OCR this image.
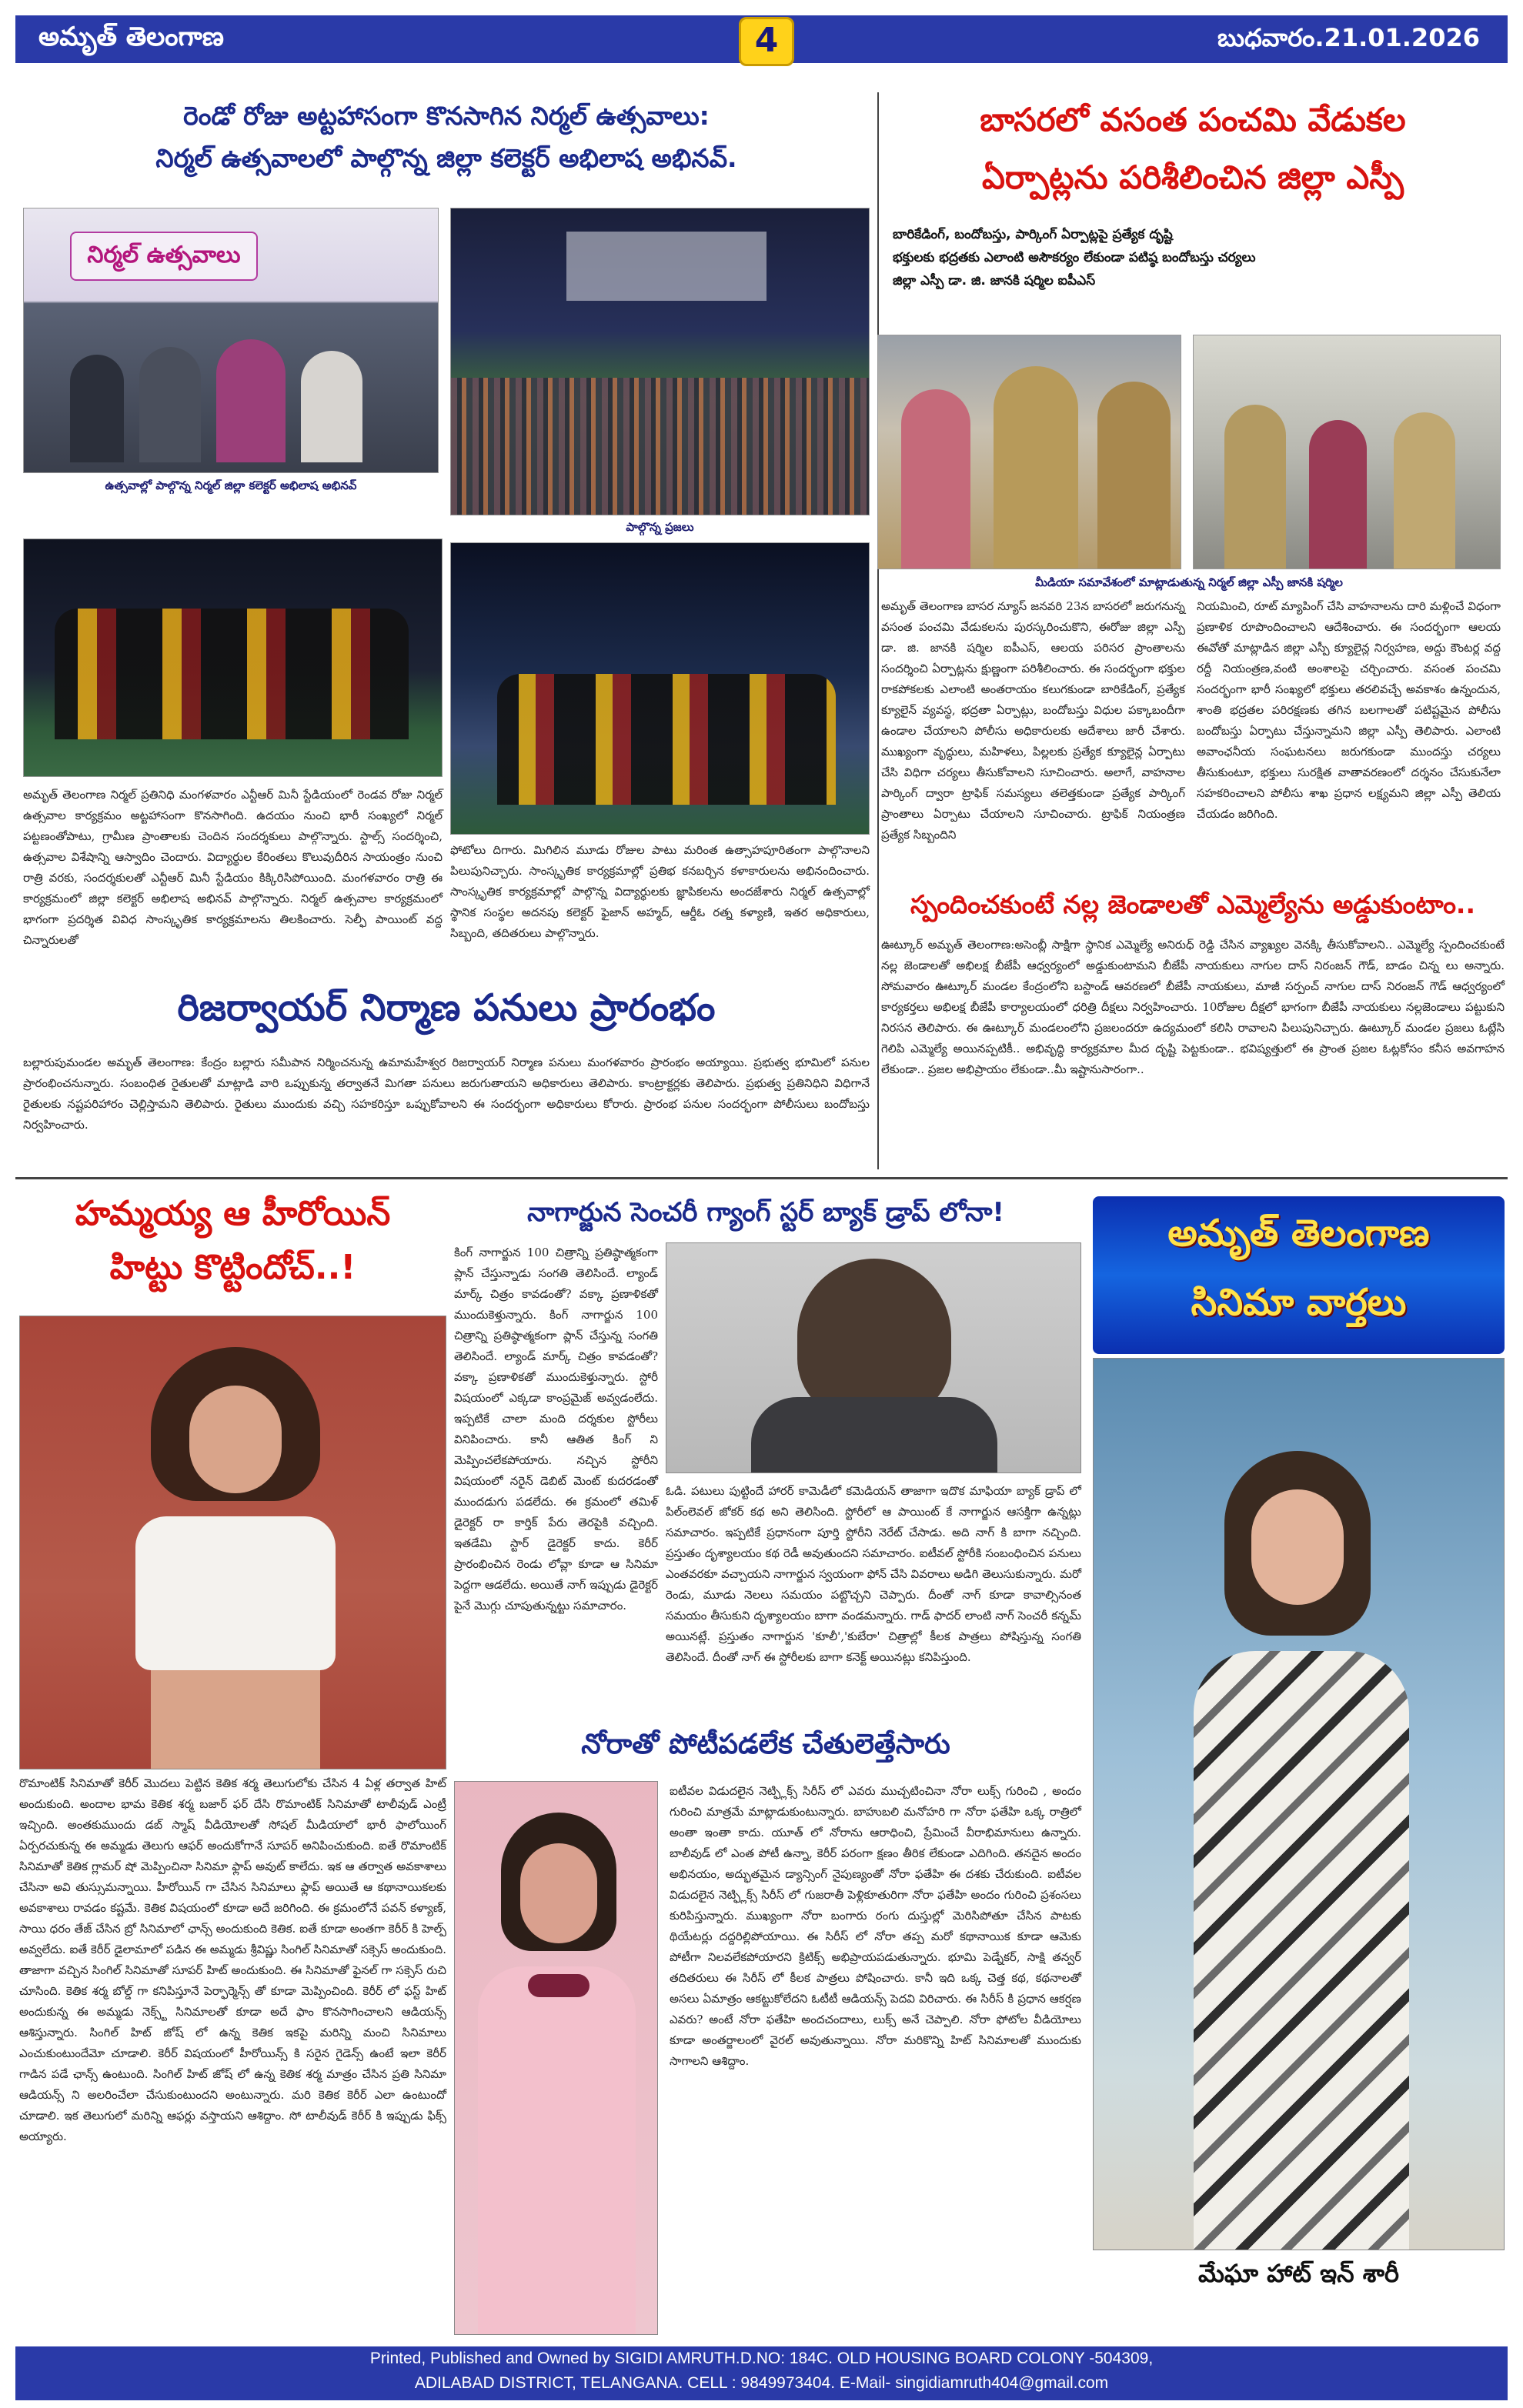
అమృత్ తెలంగాణ	4	బుధవారం.21.01.2026
రెండో రోజు అట్టహాసంగా కొనసాగిన నిర్మల్ ఉత్సవాలు:
నిర్మల్ ఉత్సవాలలో పాల్గొన్న జిల్లా కలెక్టర్ అభిలాష అభినవ్.
నిర్మల్ ఉత్సవాలు
ఉత్సవాల్లో పాల్గొన్న నిర్మల్ జిల్లా కలెక్టర్ అభిలాష అభినవ్
పాల్గొన్న ప్రజలు
అమృత్ తెలంగాణ నిర్మల్ ప్రతినిధి మంగళవారం ఎన్టీఆర్ మినీ స్టేడియంలో రెండవ రోజు నిర్మల్ ఉత్సవాల కార్యక్రమం అట్టహాసంగా కొనసాగింది. ఉదయం నుంచి భారీ సంఖ్యలో నిర్మల్ పట్టణంతోపాటు, గ్రామీణ ప్రాంతాలకు చెందిన సందర్శకులు పాల్గొన్నారు. స్టాల్స్ సందర్శించి, ఉత్సవాల విశేషాన్ని ఆస్వాదిం చెందారు. విద్యార్థుల కేరింతలు కొలువుదీరిన సాయంత్రం నుంచి రాత్రి వరకు, సందర్శకులతో ఎన్టీఆర్ మినీ స్టేడియం కిక్కిరిసిపోయింది. మంగళవారం రాత్రి ఈ కార్యక్రమంలో జిల్లా కలెక్టర్ అభిలాష అభినవ్ పాల్గొన్నారు. నిర్మల్ ఉత్సవాల కార్యక్రమంలో భాగంగా ప్రదర్శిత వివిధ సాంస్కృతిక కార్యక్రమాలను తిలకించారు. సెల్ఫీ పాయింట్ వద్ద చిన్నారులతో
ఫోటోలు దిగారు. మిగిలిన మూడు రోజుల పాటు మరింత ఉత్సాహపూరితంగా పాల్గొనాలని పిలుపునిచ్చారు. సాంస్కృతిక కార్యక్రమాల్లో ప్రతిభ కనబర్చిన కళాకారులను అభినందించారు. సాంస్కృతిక కార్యక్రమాల్లో పాల్గొన్న విద్యార్థులకు జ్ఞాపికలను అందజేశారు నిర్మల్ ఉత్సవాల్లో స్థానిక సంస్థల అదనపు కలెక్టర్ ఫైజాన్ అహ్మద్, ఆర్డీఓ రత్న కళ్యాణి, ఇతర అధికారులు, సిబ్బంది, తదితరులు పాల్గొన్నారు.
రిజర్వాయర్ నిర్మాణ పనులు ప్రారంభం
బల్లారుపుమండల అమృత్ తెలంగాణ: కేంద్రం బల్లారు సమీపాన నిర్మించనున్న ఉమామహేశ్వర రిజర్వాయర్ నిర్మాణ పనులు మంగళవారం ప్రారంభం అయ్యాయి. ప్రభుత్వ భూమిలో పనుల ప్రారంభించనున్నారు. సంబంధిత రైతులతో మాట్లాడి వారి ఒప్పుకున్న తర్వాతనే మిగతా పనులు జరుగుతాయని అధికారులు తెలిపారు. కాంట్రాక్టర్లకు తెలిపారు. ప్రభుత్వ ప్రతినిధిని విధిగానే రైతులకు నష్టపరిహారం చెల్లిస్తామని తెలిపారు. రైతులు ముందుకు వచ్చి సహకరిస్తూ ఒప్పుకోవాలని ఈ సందర్భంగా అధికారులు కోరారు. ప్రారంభ పనుల సందర్భంగా పోలీసులు బందోబస్తు నిర్వహించారు.
బాసరలో వసంత పంచమి వేడుకల
ఏర్పాట్లను పరిశీలించిన జిల్లా ఎస్పీ
బారికేడింగ్, బందోబస్తు, పార్కింగ్ ఏర్పాట్లపై ప్రత్యేక దృష్టి
భక్తులకు భద్రతకు ఎలాంటి అసౌకర్యం లేకుండా పటిష్ఠ బందోబస్తు చర్యలు
జిల్లా ఎస్పీ డా. జి. జానకి షర్మిల ఐపీఎస్
మీడియా సమావేశంలో మాట్లాడుతున్న నిర్మల్ జిల్లా ఎస్పీ జానకి షర్మిల
అమృత్ తెలంగాణ బాసర న్యూస్ జనవరి 23న బాసరలో జరుగనున్న వసంత పంచమి వేడుకలను పురస్కరించుకొని, ఈరోజు జిల్లా ఎస్పీ డా. జి. జానకి షర్మిల ఐపీఎస్, ఆలయ పరిసర ప్రాంతాలను సందర్శించి ఏర్పాట్లను క్షుణ్ణంగా పరిశీలించారు. ఈ సందర్భంగా భక్తుల రాకపోకలకు ఎలాంటి అంతరాయం కలుగకుండా బారికేడింగ్, ప్రత్యేక క్యూలైన్ వ్యవస్థ, భద్రతా ఏర్పాట్లు, బందోబస్తు విధుల పక్కాబందీగా ఉండాల చేయాలని పోలీసు అధికారులకు ఆదేశాలు జారీ చేశారు. ముఖ్యంగా వృద్ధులు, మహిళలు, పిల్లలకు ప్రత్యేక క్యూలైన్ల ఏర్పాటు చేసి విధిగా చర్యలు తీసుకోవాలని సూచించారు. అలాగే, వాహనాల పార్కింగ్ ద్వారా ట్రాఫిక్ సమస్యలు తలెత్తకుండా ప్రత్యేక పార్కింగ్ ప్రాంతాలు ఏర్పాటు చేయాలని సూచించారు. ట్రాఫిక్ నియంత్రణ ప్రత్యేక సిబ్బందిని
నియమించి, రూట్ మ్యాపింగ్ చేసి వాహనాలను దారి మళ్లించే విధంగా ప్రణాళిక రూపొందించాలని ఆదేశించారు. ఈ సందర్భంగా ఆలయ ఈవోతో మాట్లాడిన జిల్లా ఎస్పీ క్యూలైన్ల నిర్వహణ, అద్దు కౌంటర్ల వద్ద రద్దీ నియంత్రణ,వంటి అంశాలపై చర్చించారు. వసంత పంచమి సందర్భంగా భారీ సంఖ్యలో భక్తులు తరలివచ్చే అవకాశం ఉన్నందున, శాంతి భద్రతల పరిరక్షణకు తగిన బలగాలతో పటిష్టమైన పోలీసు బందోబస్తు ఏర్పాటు చేస్తున్నామని జిల్లా ఎస్పీ తెలిపారు. ఎలాంటి అవాంఛనీయ సంఘటనలు జరుగకుండా ముందస్తు చర్యలు తీసుకుంటూ, భక్తులు సురక్షిత వాతావరణంలో దర్శనం చేసుకునేలా సహకరించాలని పోలీసు శాఖ ప్రధాన లక్ష్యమని జిల్లా ఎస్పీ తెలియ చేయడం జరిగింది.
స్పందించకుంటే నల్ల జెండాలతో ఎమ్మెల్యేను అడ్డుకుంటాం..
ఊట్కూర్ అమృత్ తెలంగాణ:అసెంబ్లీ సాక్షిగా స్థానిక ఎమ్మెల్యే అనిరుధ్ రెడ్డి చేసిన వ్యాఖ్యల వెనక్కి తీసుకోవాలని.. ఎమ్మెల్యే స్పందించకుంటే నల్ల జెండాలతో అభిలక్ష బీజేపీ ఆధ్వర్యంలో అడ్డుకుంటామని బీజేపీ నాయకులు నాగుల దాస్ నిరంజన్ గౌడ్, బాడం చిన్న లు అన్నారు. సోమవారం ఊట్కూర్ మండల కేంద్రంలోని బస్టాండ్ ఆవరణలో బీజేపీ నాయకులు, మాజీ సర్పంచ్ నాగుల దాస్ నిరంజన్ గౌడ్ ఆధ్వర్యంలో కార్యకర్తలు అభిలక్ష బీజేపీ కార్యాలయంలో ధరిత్రి దీక్షలు నిర్వహించారు. 10రోజుల దీక్షలో భాగంగా బీజేపీ నాయకులు నల్లజెండాలు పట్టుకుని నిరసన తెలిపారు. ఈ ఊట్కూర్ మండలంలోని ప్రజలందరూ ఉద్యమంలో కలిసి రావాలని పిలుపునిచ్చారు. ఊట్కూర్ మండల ప్రజలు ఓట్లేసి గెలిపి ఎమ్మెల్యే అయినప్పటికీ.. అభివృద్ధి కార్యక్రమాల మీద దృష్టి పెట్టకుండా.. భవిష్యత్తులో ఈ ప్రాంత ప్రజల ఓట్లకోసం కనీస అవగాహన లేకుండా.. ప్రజల అభిప్రాయం లేకుండా..మీ ఇష్టానుసారంగా..
హమ్మయ్య ఆ హీరోయిన్
హిట్టు కొట్టిందోచ్..!
రొమాంటిక్ సినిమాతో కెరీర్ మొదలు పెట్టిన కెతిక శర్మ తెలుగులోకు చేసిన 4 ఏళ్ల తర్వాత హిట్ అందుకుంది. అందాల భామ కెతిక శర్మ బజార్ ఫర్ దేసి రొమాంటిక్ సినిమాతో టాలీవుడ్ ఎంట్రీ ఇచ్చింది. అంతకుముందు డబ్ స్మాష్ వీడియోలతో సోషల్ మీడియాలో భారీ ఫాలోయింగ్ ఏర్పరచుకున్న ఈ అమ్మడు తెలుగు ఆఫర్ అందుకోగానే సూపర్ అనిపించుకుంది. ఐతే రొమాంటిక్ సినిమాతో కెతిక గ్లామర్ షో మెప్పించినా సినిమా ఫ్లాప్ అవుట్ కాలేదు. ఇక ఆ తర్వాత అవకాశాలు చేసినా అవి తుస్సుమన్నాయి. హీరోయిన్ గా చేసిన సినిమాలు ఫ్లాప్ అయితే ఆ కథానాయికలకు అవకాశాలు రావడం కష్టమే. కెతిక విషయంలో కూడా అదే జరిగింది. ఈ క్రమంలోనే పవన్ కళ్యాణ్, సాయి ధరం తేజ్ చేసిన బ్రో సినిమాలో ఛాన్స్ అందుకుంది కెతిక. ఐతే కూడా అంతగా కెరీర్ కి హెల్ప్ అవ్వలేదు. ఐతే కెరీర్ డైలామాలో పడిన ఈ అమ్మడు శ్రీవిష్ణు సింగిల్ సినిమాతో సక్సెస్ అందుకుంది. తాజాగా వచ్చిన సింగిల్ సినిమాతో సూపర్ హిట్ అందుకుంది. ఈ సినిమాతో ఫైనల్ గా సక్సెస్ రుచి చూసింది. కెతిక శర్మ బోల్డ్ గా కనిపిస్తూనే పెర్ఫార్మెన్స్ తో కూడా మెప్పించింది. కెరీర్ లో ఫస్ట్ హిట్ అందుకున్న ఈ అమ్మడు నెక్స్ట్ సినిమాలతో కూడా అదే ఫాం కొనసాగించాలని ఆడియన్స్ ఆశిస్తున్నారు. సింగిల్ హిట్ జోష్ లో ఉన్న కెతిక ఇకపై మరిన్ని మంచి సినిమాలు ఎంచుకుంటుందేమో చూడాలి. కెరీర్ విషయంలో హీరోయిన్స్ కి సరైన గైడెన్స్ ఉంటే ఇలా కెరీర్ గాడిన పడే ఛాన్స్ ఉంటుంది. సింగిల్ హిట్ జోష్ లో ఉన్న కెతిక శర్మ మాత్రం చేసిన ప్రతి సినిమా ఆడియన్స్ ని అలరించేలా చేసుకుంటుందని అంటున్నారు. మరి కెతిక కెరీర్ ఎలా ఉంటుందో చూడాలి. ఇక తెలుగులో మరిన్ని ఆఫర్లు వస్తాయని ఆశిద్దాం. సో టాలీవుడ్ కెరీర్ కి ఇప్పుడు ఫిక్స్ అయ్యారు.
నాగార్జున సెంచరీ గ్యాంగ్ స్టర్ బ్యాక్ డ్రాప్ లోనా!
కింగ్ నాగార్జున 100 చిత్రాన్ని ప్రతిష్ఠాత్మకంగా ప్లాన్ చేస్తున్నాడు సంగతి తెలిసిందే. ల్యాండ్ మార్క్ చిత్రం కావడంతో? వక్కా ప్రణాళికతో ముందుకెళ్తున్నారు. కింగ్ నాగార్జున 100 చిత్రాన్ని ప్రతిష్ఠాత్మకంగా ప్లాన్ చేస్తున్న సంగతి తెలిసిందే. ల్యాండ్ మార్క్ చిత్రం కావడంతో? వక్కా ప్రణాళికతో ముందుకెళ్తున్నారు. స్టోరీ విషయంలో ఎక్కడా కాంప్రమైజ్ అవ్వడంలేదు. ఇప్పటికే చాలా మంది దర్శకుల స్టోరీలు వినిపించారు. కానీ ఆతిత కింగ్ ని మెప్పించలేకపోయారు. నచ్చిన స్టోరీని విషయంలో నరైన్ డెబిట్ మెంట్ కుదరడంతో ముందడుగు పడలేదు. ఈ క్రమంలో తమిళ్ డైరెక్టర్ రా కార్తిక్ పేరు తెరపైకి వచ్చింది. ఇతడేమి స్టార్ డైరెక్టర్ కాదు. కెరీర్ ప్రారంభించిన రెండు లోవ్లా కూడా ఆ సినిమా పెద్దగా ఆడలేదు. అయితే నాగ్ ఇప్పుడు డైరెక్టర్ పైనే మొగ్గు చూపుతున్నట్టు సమాచారం.
ఓడి. పటులు పుట్టిందే హారర్ కామెడీలో కమెడియన్ తాజాగా ఇదొక మాఫియా బ్యాక్ డ్రాప్ లో పిల్ంలెవల్ జోకర్ కథ అని తెలిసింది. స్టోరీలో ఆ పాయింట్ కే నాగార్జున ఆసక్తిగా ఉన్నట్లు సమాచారం. ఇప్పటికే ప్రధానంగా పూర్తి స్టోరీని నెరేట్ చేసాడు. అది నాగ్ కి బాగా నచ్చింది. ప్రస్తుతం దృశ్యాలయం కథ రెడీ అవుతుందని సమాచారం. ఐటీవల్ స్టోరీకి సంబంధించిన పనులు ఎంతవరకూ వచ్చాయని నాగార్జున స్వయంగా ఫోన్ చేసి వివరాలు అడిగి తెలుసుకున్నారు. మరో రెండు, మూడు నెలలు సమయం పట్టొచ్చని చెప్పారు. దీంతో నాగ్ కూడా కావాల్సినంత సమయం తీసుకుని దృశ్యాలయం బాగా వండమన్నారు. గాడ్ ఫాదర్ లాంటి నాగ్ సెంచరీ కన్నమ్ అయినట్లే. ప్రస్తుతం నాగార్జున 'కూలీ','కుబేరా' చిత్రాల్లో కీలక పాత్రలు పోషిస్తున్న సంగతి తెలిసిందే. దీంతో నాగ్ ఈ స్టోరీలకు బాగా కనెక్ట్ అయినట్లు కనిపిస్తుంది.
నోరాతో పోటీపడలేక చేతులెత్తేసారు
ఐటీవల విడుదలైన నెట్ఫ్లిక్స్ సిరీస్ లో ఎవరు ముచ్చటించినా నోరా లుక్స్ గురించి , అందం గురించి మాత్రమే మాట్లాడుకుంటున్నారు. బాహుబలి మనోహరి గా నోరా ఫతేహి ఒక్క రాత్రిలో అంతా ఇంతా కాదు. యూత్ లో నోరాను ఆరాధించి, ప్రేమించే వీరాభిమానులు ఉన్నారు. బాలీవుడ్ లో ఎంత పోటీ ఉన్నా, కెరీర్ పరంగా క్షణం తీరిక లేకుండా ఎదిగింది. తనదైన అందం అభినయం, అద్భుతమైన డ్యాన్సింగ్ నైపుణ్యంతో నోరా ఫతేహి ఈ దశకు చేరుకుంది. ఐటీవల విడుదలైన నెట్ఫ్లిక్స్ సిరీస్ లో గుజరాతీ పెళ్లికూతురిగా నోరా ఫతేహి అందం గురించి ప్రశంసలు కురిపిస్తున్నారు. ముఖ్యంగా నోరా బంగారు రంగు దుస్తుల్లో మెరిసిపోతూ చేసిన పాటకు థియేటర్లు దద్దరిల్లిపోయాయి. ఈ సిరీస్ లో నోరా తప్ప మరో కథానాయిక కూడా ఆమెకు పోటీగా నిలవలేకపోయారని క్రిటిక్స్ అభిప్రాయపడుతున్నారు. భూమి పెడ్నేకర్, సాక్షి తన్వర్ తదితరులు ఈ సిరీస్ లో కీలక పాత్రలు పోషించారు. కానీ ఇది ఒక్క చెత్త కథ, కథనాలతో అసలు ఏమాత్రం ఆకట్టుకోలేదని ఓటీటీ ఆడియన్స్ పెదవి విరిచారు. ఈ సిరీస్ కి ప్రధాన ఆకర్షణ ఎవరు? అంటే నోరా ఫతేహి అందచందాలు, లుక్స్ అనే చెప్పాలి. నోరా ఫోటోల వీడియోలు కూడా అంతర్జాలంలో వైరల్ అవుతున్నాయి. నోరా మరికొన్ని హిట్ సినిమాలతో ముందుకు సాగాలని ఆశిద్దాం.
అమృత్ తెలంగాణ
సినిమా వార్తలు
మేఘా హాట్ ఇన్ శారీ
Printed, Published and Owned by SIGIDI AMRUTH.D.NO: 184C. OLD HOUSING BOARD COLONY -504309,
ADILABAD DISTRICT, TELANGANA. CELL : 9849973404. E-Mail- singidiamruth404@gmail.com
